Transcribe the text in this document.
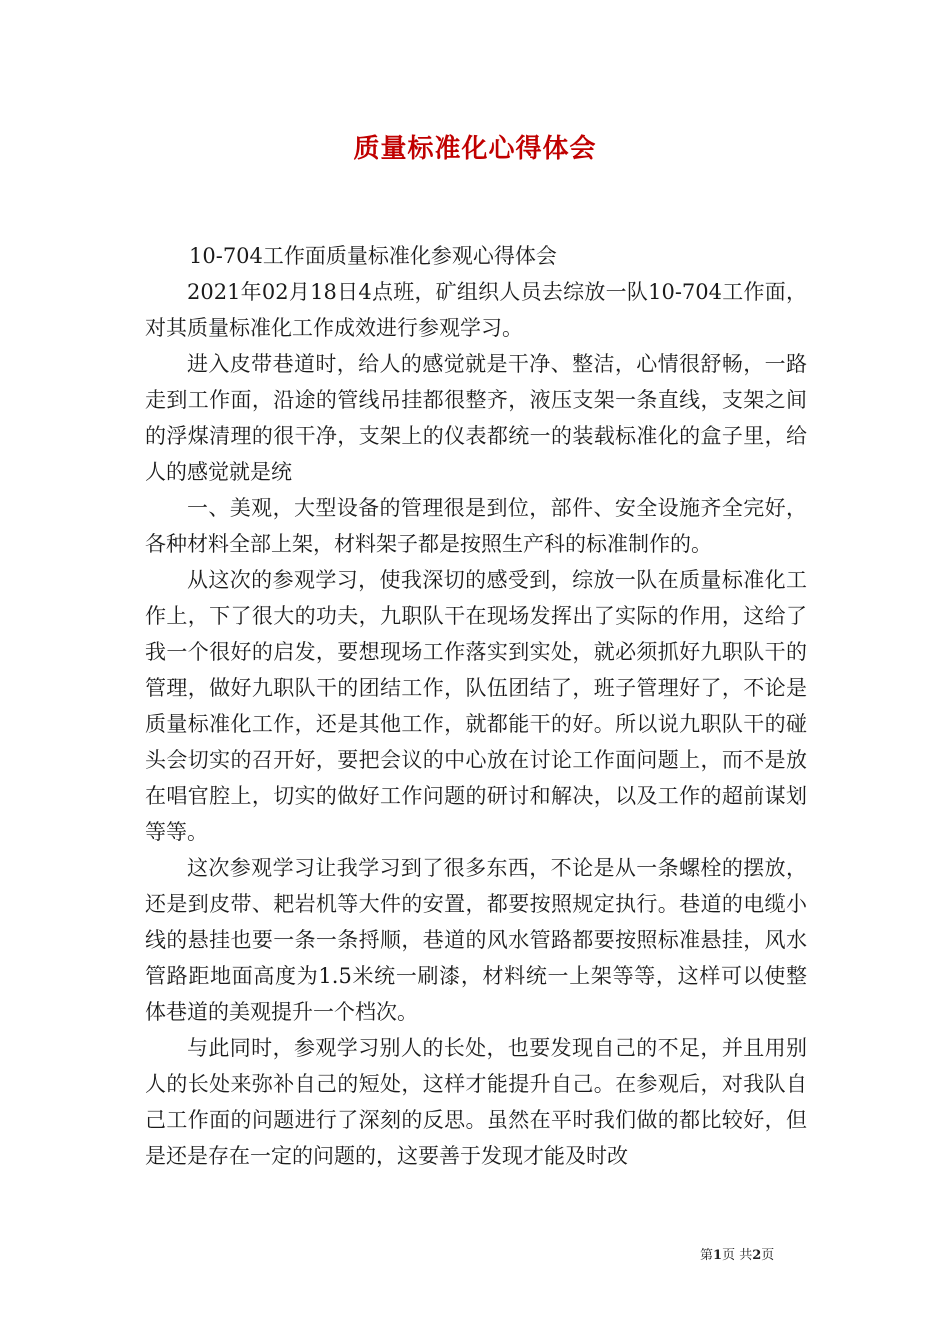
质量标准化心得体会

10-704工作面质量标准化参观心得体会

2021年02月18日4点班，矿组织人员去综放一队10-704工作面，对其质量标准化工作成效进行参观学习。

进入皮带巷道时，给人的感觉就是干净、整洁，心情很舒畅，一路走到工作面，沿途的管线吊挂都很整齐，液压支架一条直线，支架之间的浮煤清理的很干净，支架上的仪表都统一的装载标准化的盒子里，给人的感觉就是统

一、美观，大型设备的管理很是到位，部件、安全设施齐全完好，各种材料全部上架，材料架子都是按照生产科的标准制作的。

从这次的参观学习，使我深切的感受到，综放一队在质量标准化工作上，下了很大的功夫，九职队干在现场发挥出了实际的作用，这给了我一个很好的启发，要想现场工作落实到实处，就必须抓好九职队干的管理，做好九职队干的团结工作，队伍团结了，班子管理好了，不论是质量标准化工作，还是其他工作，就都能干的好。所以说九职队干的碰头会切实的召开好，要把会议的中心放在讨论工作面问题上，而不是放在唱官腔上，切实的做好工作问题的研讨和解决，以及工作的超前谋划等等。

这次参观学习让我学习到了很多东西，不论是从一条螺栓的摆放，还是到皮带、耙岩机等大件的安置，都要按照规定执行。巷道的电缆小线的悬挂也要一条一条捋顺，巷道的风水管路都要按照标准悬挂，风水管路距地面高度为1.5米统一刷漆，材料统一上架等等，这样可以使整体巷道的美观提升一个档次。

与此同时，参观学习别人的长处，也要发现自己的不足，并且用别人的长处来弥补自己的短处，这样才能提升自己。在参观后，对我队自己工作面的问题进行了深刻的反思。虽然在平时我们做的都比较好，但是还是存在一定的问题的，这要善于发现才能及时改

第1页 共2页
